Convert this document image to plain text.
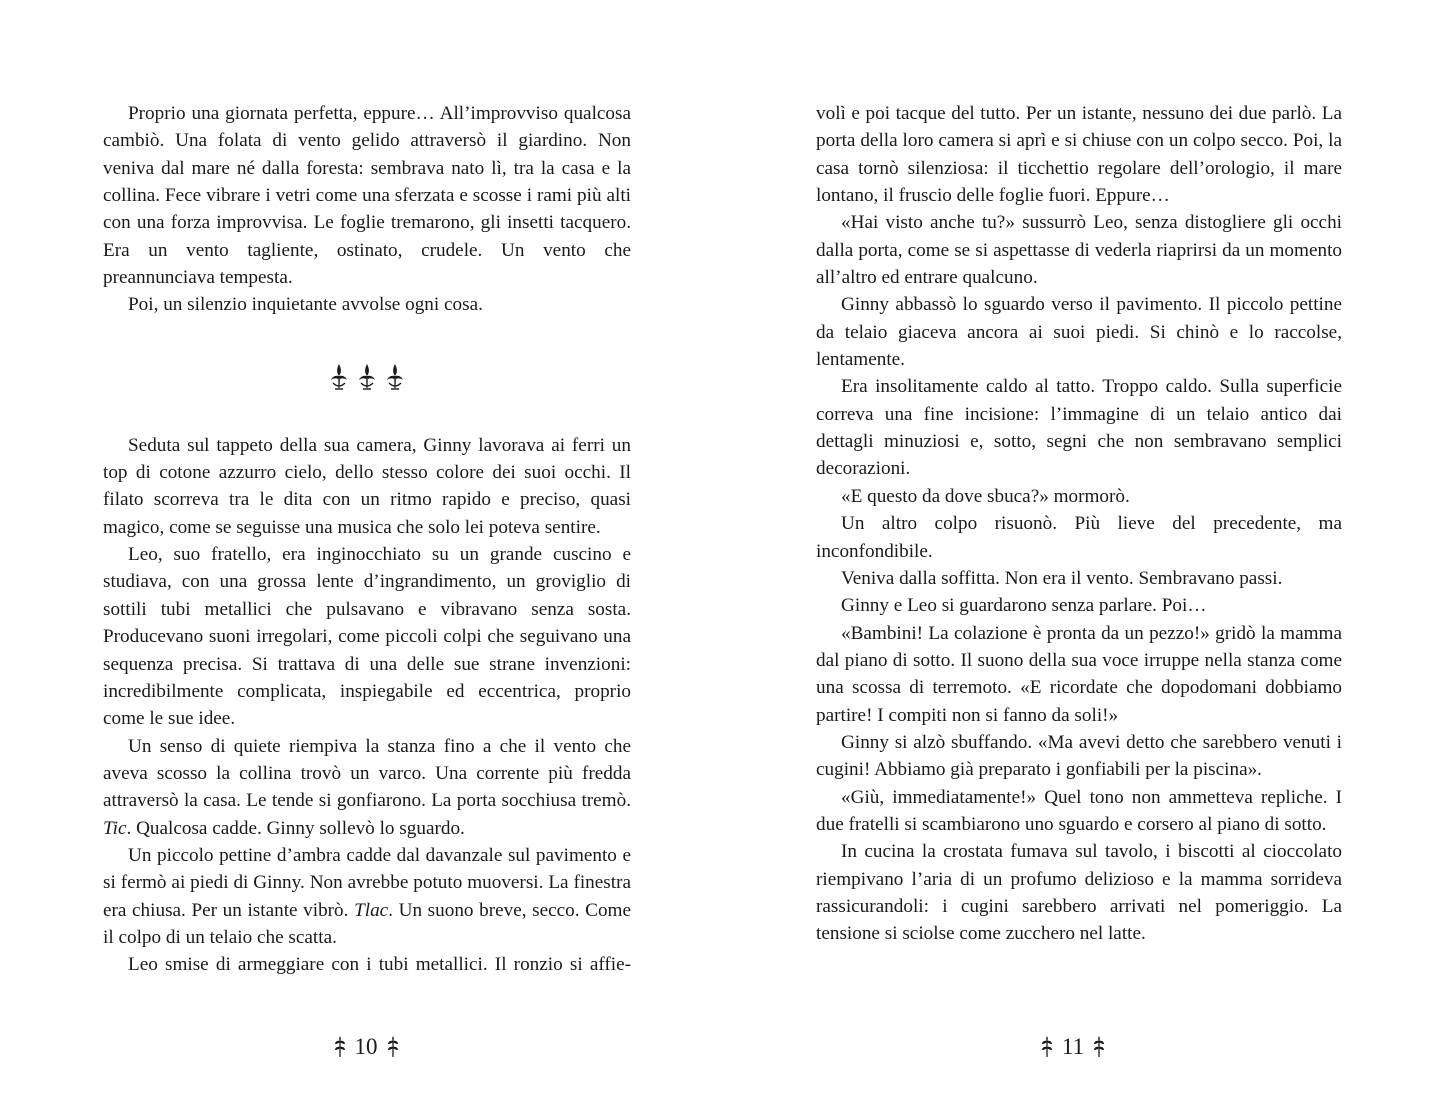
Proprio una giornata perfetta, eppure… All’improvviso qualcosa cambiò. Una folata di vento gelido attraversò il giardino. Non veniva dal mare né dalla foresta: sembrava nato lì, tra la casa e la collina. Fece vibrare i vetri come una sferzata e scosse i rami più alti con una forza improvvisa. Le foglie tremarono, gli insetti tacquero. Era un vento tagliente, ostinato, crudele. Un vento che preannunciava tempesta.

Poi, un silenzio inquietante avvolse ogni cosa.

Seduta sul tappeto della sua camera, Ginny lavorava ai ferri un top di cotone azzurro cielo, dello stesso colore dei suoi occhi. Il filato scorreva tra le dita con un ritmo rapido e preciso, quasi magico, come se seguisse una musica che solo lei poteva sentire.

Leo, suo fratello, era inginocchiato su un grande cuscino e studiava, con una grossa lente d’ingrandimento, un groviglio di sottili tubi metallici che pulsavano e vibravano senza sosta. Producevano suoni irregolari, come piccoli colpi che seguivano una sequenza precisa. Si trattava di una delle sue strane invenzioni: incredibilmente complicata, inspiegabile ed eccentrica, proprio come le sue idee.

Un senso di quiete riempiva la stanza fino a che il vento che aveva scosso la collina trovò un varco. Una corrente più fredda attraversò la casa. Le tende si gonfiarono. La porta socchiusa tremò. Tic. Qualcosa cadde. Ginny sollevò lo sguardo.

Un piccolo pettine d’ambra cadde dal davanzale sul pavimento e si fermò ai piedi di Ginny. Non avrebbe potuto muoversi. La finestra era chiusa. Per un istante vibrò. Tlac. Un suono breve, secco. Come il colpo di un telaio che scatta.

Leo smise di armeggiare con i tubi metallici. Il ronzio si affie-

10

volì e poi tacque del tutto. Per un istante, nessuno dei due parlò. La porta della loro camera si aprì e si chiuse con un colpo secco. Poi, la casa tornò silenziosa: il ticchettio regolare dell’orologio, il mare lontano, il fruscio delle foglie fuori. Eppure…

«Hai visto anche tu?» sussurrò Leo, senza distogliere gli occhi dalla porta, come se si aspettasse di vederla riaprirsi da un momento all’altro ed entrare qualcuno.

Ginny abbassò lo sguardo verso il pavimento. Il piccolo pettine da telaio giaceva ancora ai suoi piedi. Si chinò e lo raccolse, lentamente.

Era insolitamente caldo al tatto. Troppo caldo. Sulla superficie correva una fine incisione: l’immagine di un telaio antico dai dettagli minuziosi e, sotto, segni che non sembravano semplici decorazioni.

«E questo da dove sbuca?» mormorò.

Un altro colpo risuonò. Più lieve del precedente, ma inconfondibile.

Veniva dalla soffitta. Non era il vento. Sembravano passi.

Ginny e Leo si guardarono senza parlare. Poi…

«Bambini! La colazione è pronta da un pezzo!» gridò la mamma dal piano di sotto. Il suono della sua voce irruppe nella stanza come una scossa di terremoto. «E ricordate che dopodomani dobbiamo partire! I compiti non si fanno da soli!»

Ginny si alzò sbuffando. «Ma avevi detto che sarebbero venuti i cugini! Abbiamo già preparato i gonfiabili per la piscina».

«Giù, immediatamente!» Quel tono non ammetteva repliche. I due fratelli si scambiarono uno sguardo e corsero al piano di sotto.

In cucina la crostata fumava sul tavolo, i biscotti al cioccolato riempivano l’aria di un profumo delizioso e la mamma sorrideva rassicurandoli: i cugini sarebbero arrivati nel pomeriggio. La tensione si sciolse come zucchero nel latte.

11
